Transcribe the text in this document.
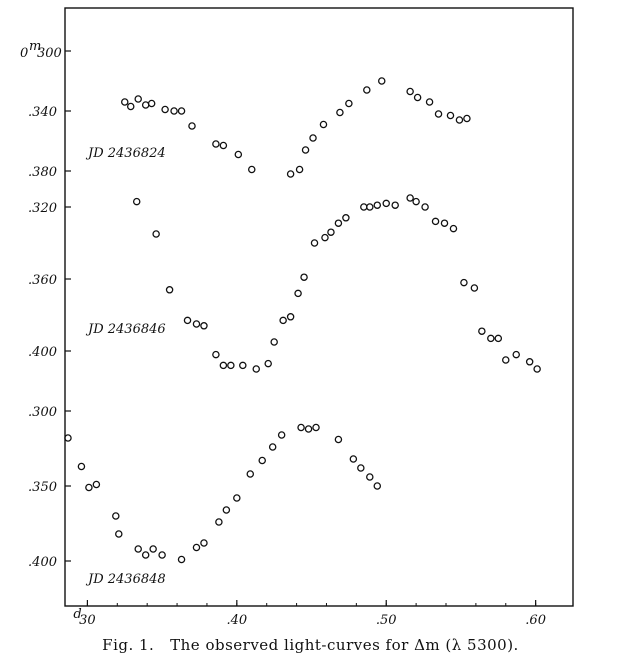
d
30	.40	.50	.60
0 m
300
.340
.380
.320
.360
.400
.300
.350
.400
JD 2436824
JD 2436846
JD 2436848
Fig. 1. The observed light-curves for Δm (λ 5300).
